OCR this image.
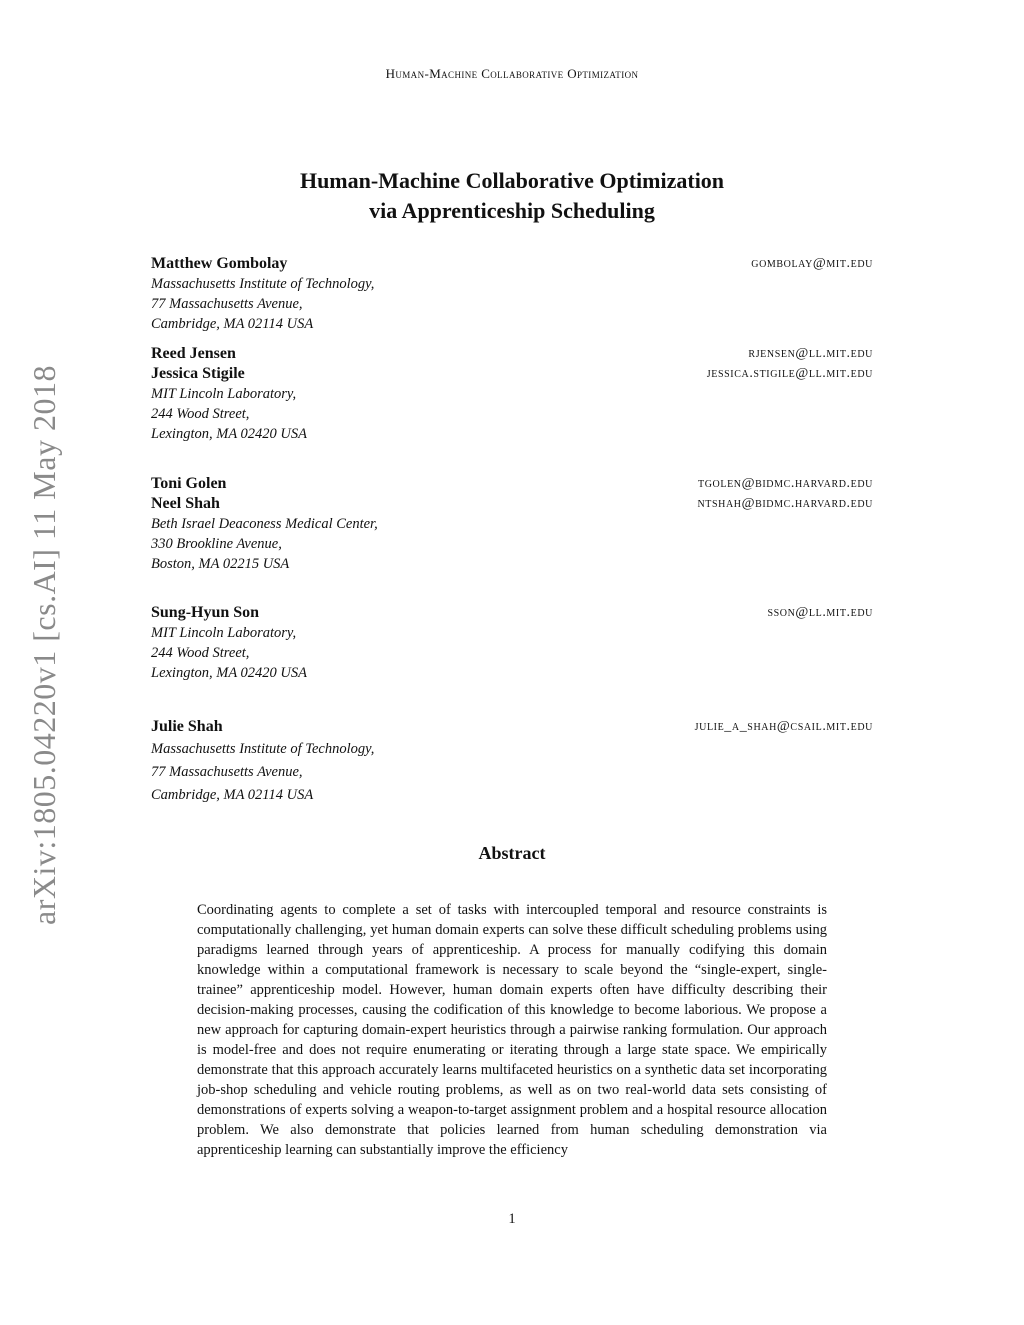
Human-Machine Collaborative Optimization
Human-Machine Collaborative Optimization
via Apprenticeship Scheduling
arXiv:1805.04220v1 [cs.AI] 11 May 2018
Matthew Gombolay	gombolay@mit.edu
Massachusetts Institute of Technology,
77 Massachusetts Avenue,
Cambridge, MA 02114 USA
Reed Jensen	rjensen@ll.mit.edu
Jessica Stigile	jessica.stigile@ll.mit.edu
MIT Lincoln Laboratory,
244 Wood Street,
Lexington, MA 02420 USA
Toni Golen	tgolen@bidmc.harvard.edu
Neel Shah	ntshah@bidmc.harvard.edu
Beth Israel Deaconess Medical Center,
330 Brookline Avenue,
Boston, MA 02215 USA
Sung-Hyun Son	sson@ll.mit.edu
MIT Lincoln Laboratory,
244 Wood Street,
Lexington, MA 02420 USA
Julie Shah	julie_a_shah@csail.mit.edu
Massachusetts Institute of Technology,
77 Massachusetts Avenue,
Cambridge, MA 02114 USA
Abstract
Coordinating agents to complete a set of tasks with intercoupled temporal and resource constraints is computationally challenging, yet human domain experts can solve these difficult scheduling problems using paradigms learned through years of apprenticeship. A process for manually codifying this domain knowledge within a computational framework is necessary to scale beyond the “single-expert, single-trainee” apprenticeship model. However, human domain experts often have difficulty describing their decision-making processes, causing the codification of this knowledge to become laborious. We propose a new approach for capturing domain-expert heuristics through a pairwise ranking formulation. Our approach is model-free and does not require enumerating or iterating through a large state space. We empirically demonstrate that this approach accurately learns multifaceted heuristics on a synthetic data set incorporating job-shop scheduling and vehicle routing problems, as well as on two real-world data sets consisting of demonstrations of experts solving a weapon-to-target assignment problem and a hospital resource allocation problem. We also demonstrate that policies learned from human scheduling demonstration via apprenticeship learning can substantially improve the efficiency
1
